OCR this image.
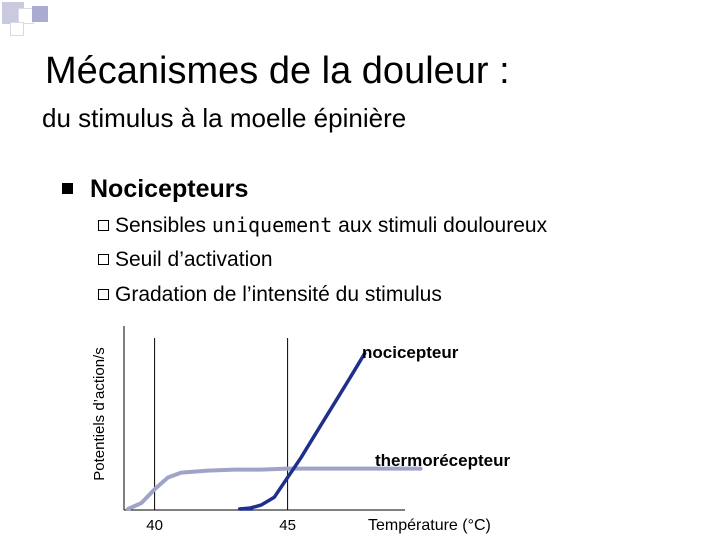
Mécanismes de la douleur :
du stimulus à la moelle épinière
Nocicepteurs
Sensibles uniquement aux stimuli douloureux
Seuil d’activation
Gradation de l’intensité du stimulus
Potentiels d’action/s
Température (°C)
40	45
nocicepteur
thermorécepteur
